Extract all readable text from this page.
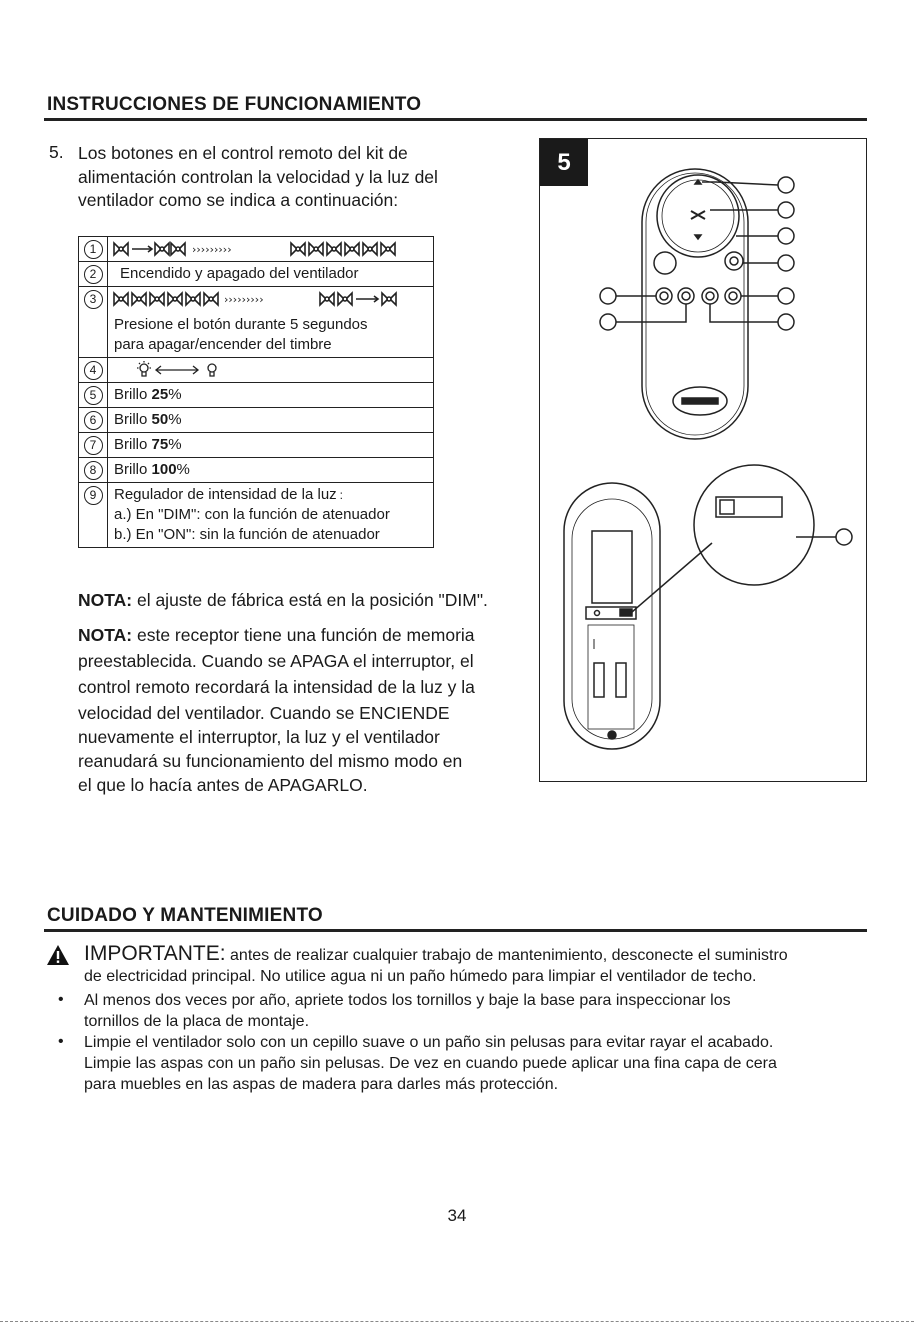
INSTRUCCIONES DE FUNCIONAMIENTO
5. Los botones en el control remoto del kit de
alimentación controlan la velocidad y la luz del
ventilador como se indica a continuación:
1	›››››››››

2	Encendido y apagado del ventilador

3	›››››››››
Presione el botón durante 5 segundos
para apagar/encender del timbre

4	

5	Brillo 25%

6	Brillo 50%

7	Brillo 75%

8	Brillo 100%

9	Regulador de intensidad de la luz :
a.) En "DIM": con la función de atenuador
b.) En "ON": sin la función de atenuador
NOTA: el ajuste de fábrica está en la posición "DIM".
NOTA: este receptor tiene una función de memoria
preestablecida. Cuando se APAGA el interruptor, el
control remoto recordará la intensidad de la luz y la
velocidad del ventilador. Cuando se ENCIENDE
nuevamente el interruptor, la luz y el ventilador
reanudará su funcionamiento del mismo modo en
el que lo hacía antes de APAGARLO.
5
CUIDADO Y MANTENIMIENTO
IMPORTANTE: antes de realizar cualquier trabajo de mantenimiento, desconecte el suministro
de electricidad principal. No utilice agua ni un paño húmedo para limpiar el ventilador de techo.
• Al menos dos veces por año, apriete todos los tornillos y baje la base para inspeccionar los
tornillos de la placa de montaje.
• Limpie el ventilador solo con un cepillo suave o un paño sin pelusas para evitar rayar el acabado.
Limpie las aspas con un paño sin pelusas. De vez en cuando puede aplicar una fina capa de cera
para muebles en las aspas de madera para darles más protección.
34
